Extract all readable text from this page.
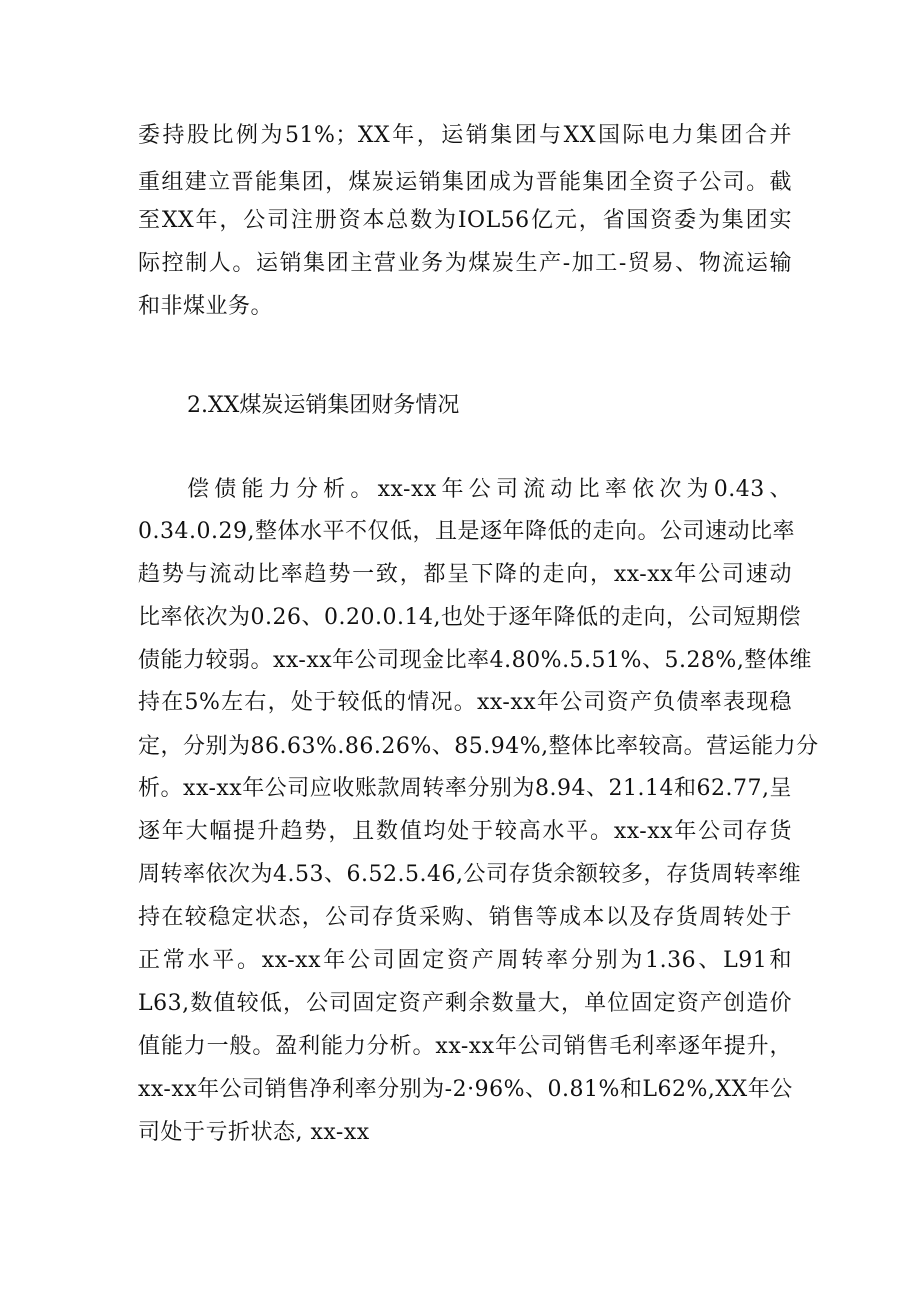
委持股比例为51%；XX年，运销集团与XX国际电力集团合并
重组建立晋能集团，煤炭运销集团成为晋能集团全资子公司。截
至XX年，公司注册资本总数为IOL56亿元，省国资委为集团实
际控制人。运销集团主营业务为煤炭生产-加工-贸易、物流运输
和非煤业务。
2.XX煤炭运销集团财务情况
偿债能力分析。xx-xx年公司流动比率依次为0.43、
0.34.0.29,整体水平不仅低，且是逐年降低的走向。公司速动比率
趋势与流动比率趋势一致，都呈下降的走向，xx-xx年公司速动
比率依次为0.26、0.20.0.14,也处于逐年降低的走向，公司短期偿
债能力较弱。xx-xx年公司现金比率4.80%.5.51%、5.28%,整体维
持在5%左右，处于较低的情况。xx-xx年公司资产负债率表现稳
定，分别为86.63%.86.26%、85.94%,整体比率较高。营运能力分
析。xx-xx年公司应收账款周转率分别为8.94、21.14和62.77,呈
逐年大幅提升趋势，且数值均处于较高水平。xx-xx年公司存货
周转率依次为4.53、6.52.5.46,公司存货余额较多，存货周转率维
持在较稳定状态，公司存货采购、销售等成本以及存货周转处于
正常水平。xx-xx年公司固定资产周转率分别为1.36、L91和
L63,数值较低，公司固定资产剩余数量大，单位固定资产创造价
值能力一般。盈利能力分析。xx-xx年公司销售毛利率逐年提升，
xx-xx年公司销售净利率分别为-2·96%、0.81%和L62%,XX年公
司处于亏折状态, xx-xx
